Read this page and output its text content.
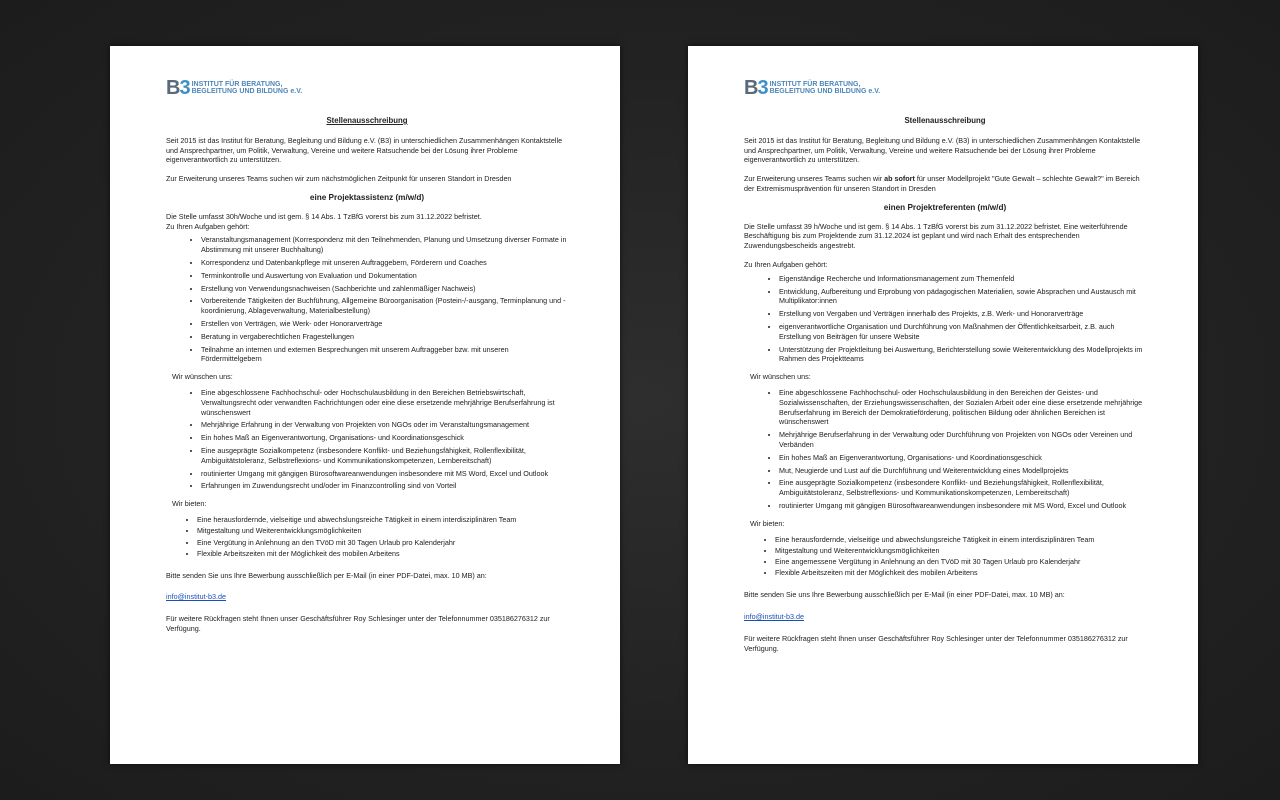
B3 INSTITUT FÜR BERATUNG,
BEGLEITUNG UND BILDUNG e.V.
Stellenausschreibung

Seit 2015 ist das Institut für Beratung, Begleitung und Bildung e.V. (B3) in unterschiedlichen Zusammenhängen Kontaktstelle und Ansprechpartner, um Politik, Verwaltung, Vereine und weitere Ratsuchende bei der Lösung ihrer Probleme eigenverantwortlich zu unterstützen.

Zur Erweiterung unseres Teams suchen wir zum nächstmöglichen Zeitpunkt für unseren Standort in Dresden

eine Projektassistenz (m/w/d)

Die Stelle umfasst 30h/Woche und ist gem. § 14 Abs. 1 TzBfG vorerst bis zum 31.12.2022 befristet.

Zu Ihren Aufgaben gehört:

• Veranstaltungsmanagement (Korrespondenz mit den Teilnehmenden, Planung und Umsetzung diverser Formate in Abstimmung mit unserer Buchhaltung)
• Korrespondenz und Datenbankpflege mit unseren Auftraggebern, Förderern und Coaches
• Terminkontrolle und Auswertung von Evaluation und Dokumentation
• Erstellung von Verwendungsnachweisen (Sachberichte und zahlenmäßiger Nachweis)
• Vorbereitende Tätigkeiten der Buchführung, Allgemeine Büroorganisation (Postein-/-ausgang, Terminplanung und -koordinierung, Ablageverwaltung, Materialbestellung)
• Erstellen von Verträgen, wie Werk- oder Honorarverträge
• Beratung in vergaberechtlichen Fragestellungen
• Teilnahme an internen und externen Besprechungen mit unserem Auftraggeber bzw. mit unseren Fördermittelgebern

Wir wünschen uns:

• Eine abgeschlossene Fachhochschul- oder Hochschulausbildung in den Bereichen Betriebswirtschaft, Verwaltungsrecht oder verwandten Fachrichtungen oder eine diese ersetzende mehrjährige Berufserfahrung ist wünschenswert
• Mehrjährige Erfahrung in der Verwaltung von Projekten von NGOs oder im Veranstaltungsmanagement
• Ein hohes Maß an Eigenverantwortung, Organisations- und Koordinationsgeschick
• Eine ausgeprägte Sozialkompetenz (insbesondere Konflikt- und Beziehungsfähigkeit, Rollenflexibilität, Ambiguitätstoleranz, Selbstreflexions- und Kommunikationskompetenzen, Lernbereitschaft)
• routinierter Umgang mit gängigen Bürosoftwareanwendungen insbesondere mit MS Word, Excel und Outlook
• Erfahrungen im Zuwendungsrecht und/oder im Finanzcontrolling sind von Vorteil

Wir bieten:

• Eine herausfordernde, vielseitige und abwechslungsreiche Tätigkeit in einem interdisziplinären Team
• Mitgestaltung und Weiterentwicklungsmöglichkeiten
• Eine Vergütung in Anlehnung an den TVöD mit 30 Tagen Urlaub pro Kalenderjahr
• Flexible Arbeitszeiten mit der Möglichkeit des mobilen Arbeitens

Bitte senden Sie uns Ihre Bewerbung ausschließlich per E-Mail (in einer PDF-Datei, max. 10 MB) an:

info@institut-b3.de

Für weitere Rückfragen steht Ihnen unser Geschäftsführer Roy Schlesinger unter der Telefonnummer 035186276312 zur Verfügung.

B3 INSTITUT FÜR BERATUNG,
BEGLEITUNG UND BILDUNG e.V.
Stellenausschreibung

Seit 2015 ist das Institut für Beratung, Begleitung und Bildung e.V. (B3) in unterschiedlichen Zusammenhängen Kontaktstelle und Ansprechpartner, um Politik, Verwaltung, Vereine und weitere Ratsuchende bei der Lösung ihrer Probleme eigenverantwortlich zu unterstützen.

Zur Erweiterung unseres Teams suchen wir ab sofort für unser Modellprojekt "Gute Gewalt – schlechte Gewalt?" im Bereich der Extremismusprävention für unseren Standort in Dresden

einen Projektreferenten (m/w/d)

Die Stelle umfasst 39 h/Woche und ist gem. § 14 Abs. 1 TzBfG vorerst bis zum 31.12.2022 befristet. Eine weiterführende Beschäftigung bis zum Projektende zum 31.12.2024 ist geplant und wird nach Erhalt des entsprechenden Zuwendungsbescheids angestrebt.

Zu Ihren Aufgaben gehört:

• Eigenständige Recherche und Informationsmanagement zum Themenfeld
• Entwicklung, Aufbereitung und Erprobung von pädagogischen Materialien, sowie Absprachen und Austausch mit Multiplikator:innen
• Erstellung von Vergaben und Verträgen innerhalb des Projekts, z.B. Werk- und Honorarverträge
• eigenverantwortliche Organisation und Durchführung von Maßnahmen der Öffentlichkeitsarbeit, z.B. auch Erstellung von Beiträgen für unsere Website
• Unterstützung der Projektleitung bei Auswertung, Berichterstellung sowie Weiterentwicklung des Modellprojekts im Rahmen des Projektteams

Wir wünschen uns:

• Eine abgeschlossene Fachhochschul- oder Hochschulausbildung in den Bereichen der Geistes- und Sozialwissenschaften, der Erziehungswissenschaften, der Sozialen Arbeit oder eine diese ersetzende mehrjährige Berufserfahrung im Bereich der Demokratieförderung, politischen Bildung oder ähnlichen Bereichen ist wünschenswert
• Mehrjährige Berufserfahrung in der Verwaltung oder Durchführung von Projekten von NGOs oder Vereinen und Verbänden
• Ein hohes Maß an Eigenverantwortung, Organisations- und Koordinationsgeschick
• Mut, Neugierde und Lust auf die Durchführung und Weiterentwicklung eines Modellprojekts
• Eine ausgeprägte Sozialkompetenz (insbesondere Konflikt- und Beziehungsfähigkeit, Rollenflexibilität, Ambiguitätstoleranz, Selbstreflexions- und Kommunikationskompetenzen, Lernbereitschaft)
• routinierter Umgang mit gängigen Bürosoftwareanwendungen insbesondere mit MS Word, Excel und Outlook

Wir bieten:

• Eine herausfordernde, vielseitige und abwechslungsreiche Tätigkeit in einem interdisziplinären Team
• Mitgestaltung und Weiterentwicklungsmöglichkeiten
• Eine angemessene Vergütung in Anlehnung an den TVöD mit 30 Tagen Urlaub pro Kalenderjahr
• Flexible Arbeitszeiten mit der Möglichkeit des mobilen Arbeitens

Bitte senden Sie uns Ihre Bewerbung ausschließlich per E-Mail (in einer PDF-Datei, max. 10 MB) an:

info@institut-b3.de

Für weitere Rückfragen steht Ihnen unser Geschäftsführer Roy Schlesinger unter der Telefonnummer 035186276312 zur Verfügung.
